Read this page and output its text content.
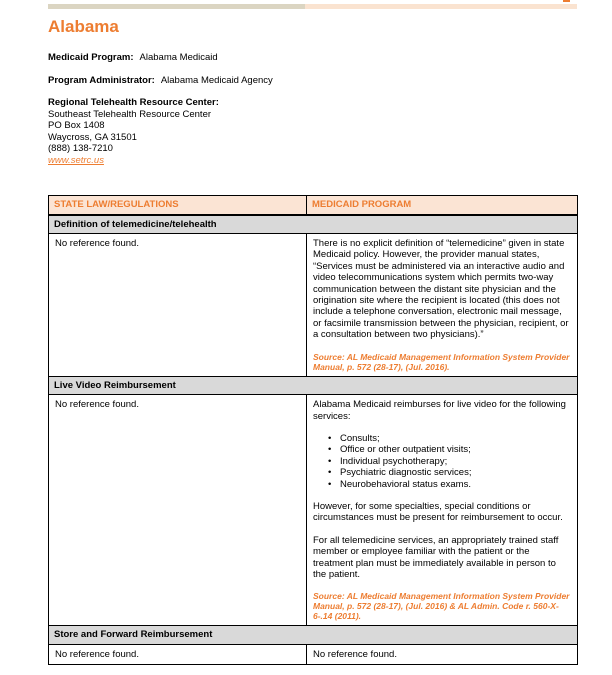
Alabama

Medicaid Program: Alabama Medicaid

Program Administrator: Alabama Medicaid Agency

Regional Telehealth Resource Center:
Southeast Telehealth Resource Center
PO Box 1408
Waycross, GA 31501
(888) 138-7210
www.setrc.us
STATE LAW/REGULATIONS	MEDICAID PROGRAM
Definition of telemedicine/telehealth	

No reference found.	There is no explicit definition of “telemedicine” given in state Medicaid policy. However, the provider manual states, “Services must be administered via an interactive audio and video telecommunications system which permits two-way communication between the distant site physician and the origination site where the recipient is located (this does not include a telephone conversation, electronic mail message, or facsimile transmission between the physician, recipient, or a consultation between two physicians).”

Source: AL Medicaid Management Information System Provider Manual, p. 572 (28-17), (Jul. 2016).

Live Video Reimbursement	

No reference found.	Alabama Medicaid reimburses for live video for the following services:

• Consults;
• Office or other outpatient visits;
• Individual psychotherapy;
• Psychiatric diagnostic services;
• Neurobehavioral status exams.

However, for some specialties, special conditions or circumstances must be present for reimbursement to occur.

For all telemedicine services, an appropriately trained staff member or employee familiar with the patient or the treatment plan must be immediately available in person to the patient.

Source: AL Medicaid Management Information System Provider Manual, p. 572 (28-17), (Jul. 2016) & AL Admin. Code r. 560-X-6-.14 (2011).

Store and Forward Reimbursement	

No reference found.	No reference found.
